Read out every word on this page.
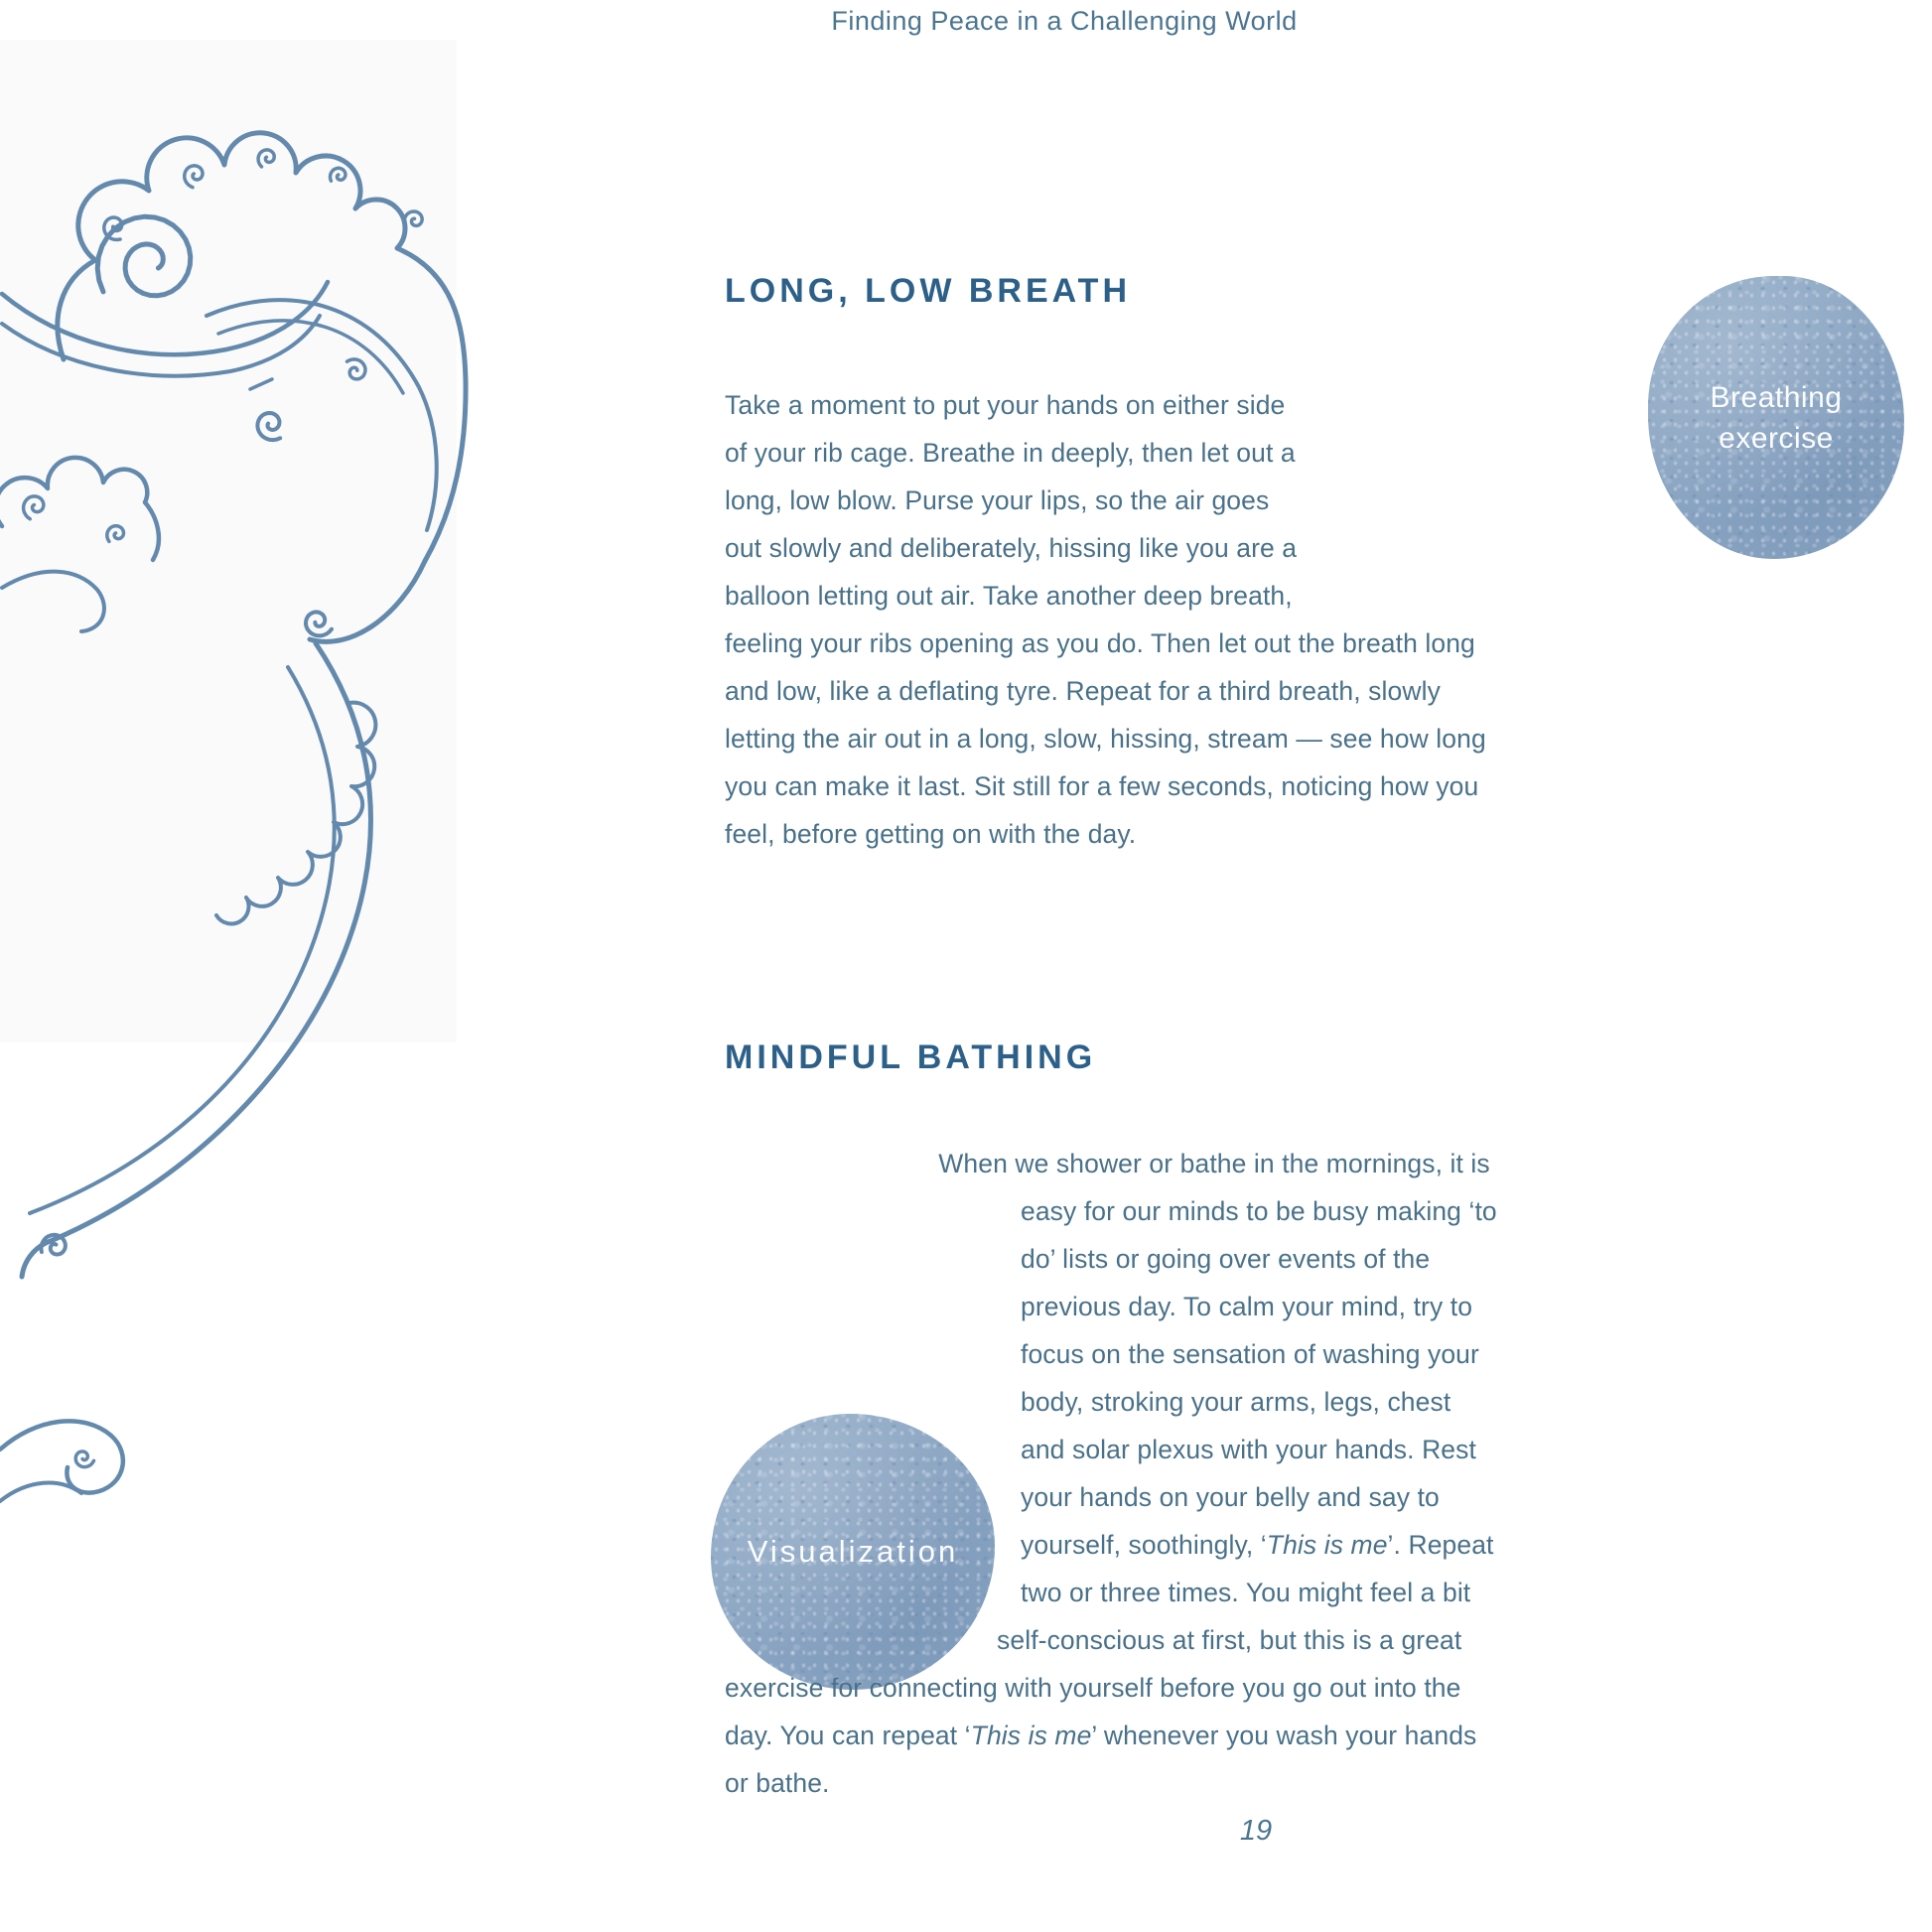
Finding Peace in a Challenging World
LONG, LOW BREATH
Breathing
exercise
Take a moment to put your hands on either side of your rib cage. Breathe in deeply, then let out a long, low blow. Purse your lips, so the air goes out slowly and deliberately, hissing like you are a balloon letting out air. Take another deep breath, feeling your ribs opening as you do. Then let out the breath long and low, like a deflating tyre. Repeat for a third breath, slowly letting the air out in a long, slow, hissing, stream — see how long you can make it last. Sit still for a few seconds, noticing how you feel, before getting on with the day.
MINDFUL BATHING
Visualization
When we shower or bathe in the mornings, it is easy for our minds to be busy making ‘to do’ lists or going over events of the previous day. To calm your mind, try to focus on the sensation of washing your body, stroking your arms, legs, chest and solar plexus with your hands. Rest your hands on your belly and say to yourself, soothingly, ‘This is me’. Repeat two or three times. You might feel a bit self-conscious at first, but this is a great exercise for connecting with yourself before you go out into the day. You can repeat ‘This is me’ whenever you wash your hands or bathe.
19
